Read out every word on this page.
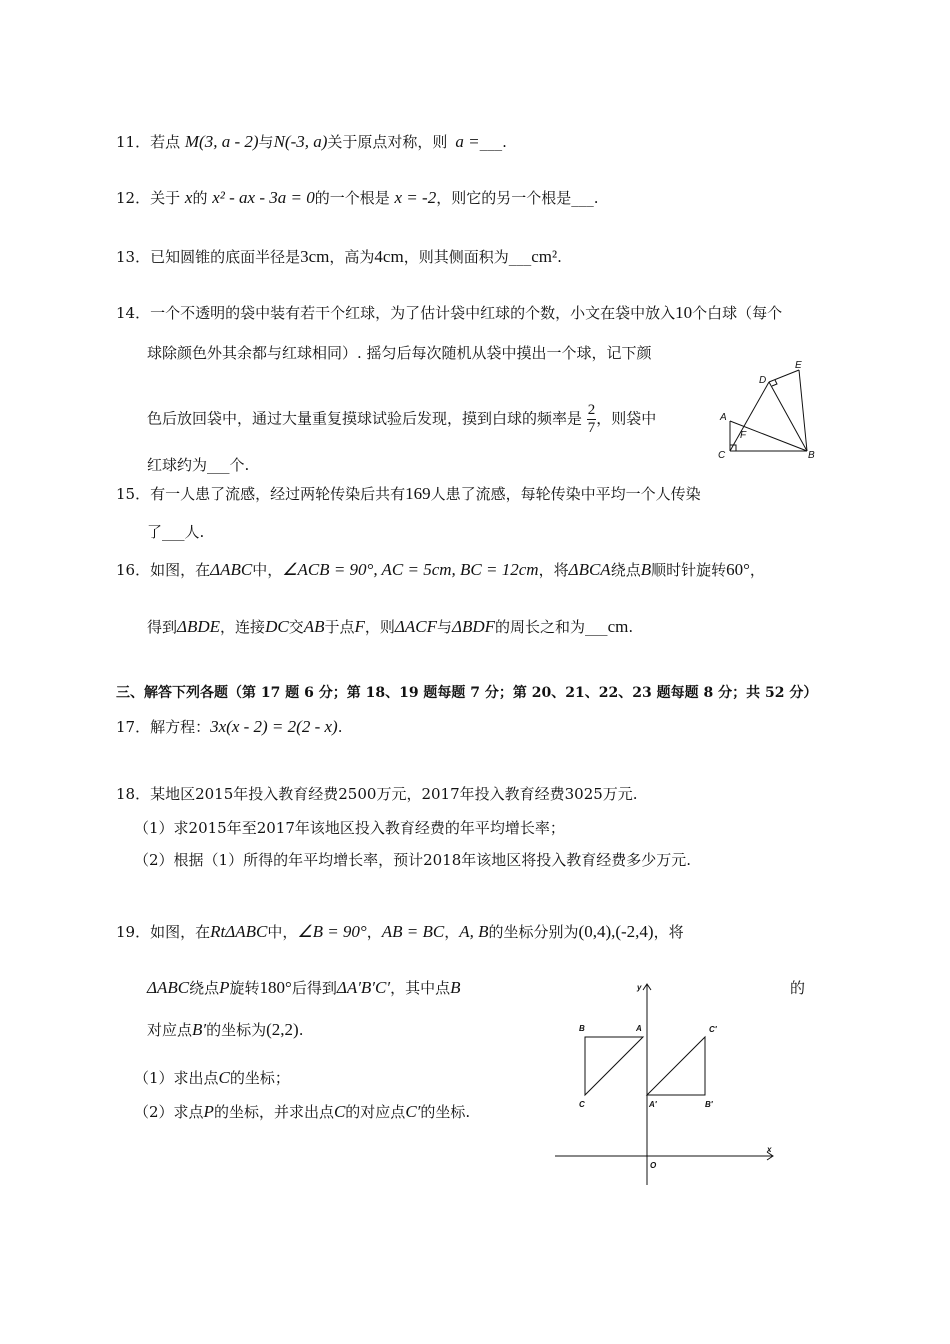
11．若点 M(3, a - 2)与N(-3, a)关于原点对称，则 a =___.
12．关于 x的 x² - ax - 3a = 0的一个根是 x = -2，则它的另一个根是___.
13．已知圆锥的底面半径是3cm，高为4cm，则其侧面积为___cm².
14．一个不透明的袋中装有若干个红球，为了估计袋中红球的个数，小文在袋中放入10个白球（每个
球除颜色外其余都与红球相同）. 摇匀后每次随机从袋中摸出一个球，记下颜
色后放回袋中，通过大量重复摸球试验后发现，摸到白球的频率是 $\frac{2}{7}$ ，则袋中
红球约为___个.
E
D
A
F
C	B
15．有一人患了流感，经过两轮传染后共有169人患了流感，每轮传染中平均一个人传染
了___人.
16．如图，在ΔABC中，∠ACB = 90°, AC = 5cm, BC = 12cm，将ΔBCA绕点B顺时针旋转60°，
得到ΔBDE，连接DC交AB于点F，则ΔACF与ΔBDF的周长之和为___cm.
三、解答下列各题（第 17 题 6 分；第 18、19 题每题 7 分；第 20、21、22、23 题每题 8 分；共 52 分）
17．解方程：3x(x - 2) = 2(2 - x).
18．某地区2015年投入教育经费2500万元，2017年投入教育经费3025万元.
（1）求2015年至2017年该地区投入教育经费的年平均增长率；
（2）根据（1）所得的年平均增长率，预计2018年该地区将投入教育经费多少万元.
19．如图，在RtΔABC中，∠B = 90°，AB = BC，A, B的坐标分别为(0,4),(-2,4)，将
ΔABC绕点P旋转180°后得到ΔA′B′C′，其中点B	的
对应点B′的坐标为(2,2).
（1）求出点C的坐标；
（2）求点P的坐标，并求出点C的对应点C′的坐标.
y
B	A	C′
C	A′	B′
x
O
